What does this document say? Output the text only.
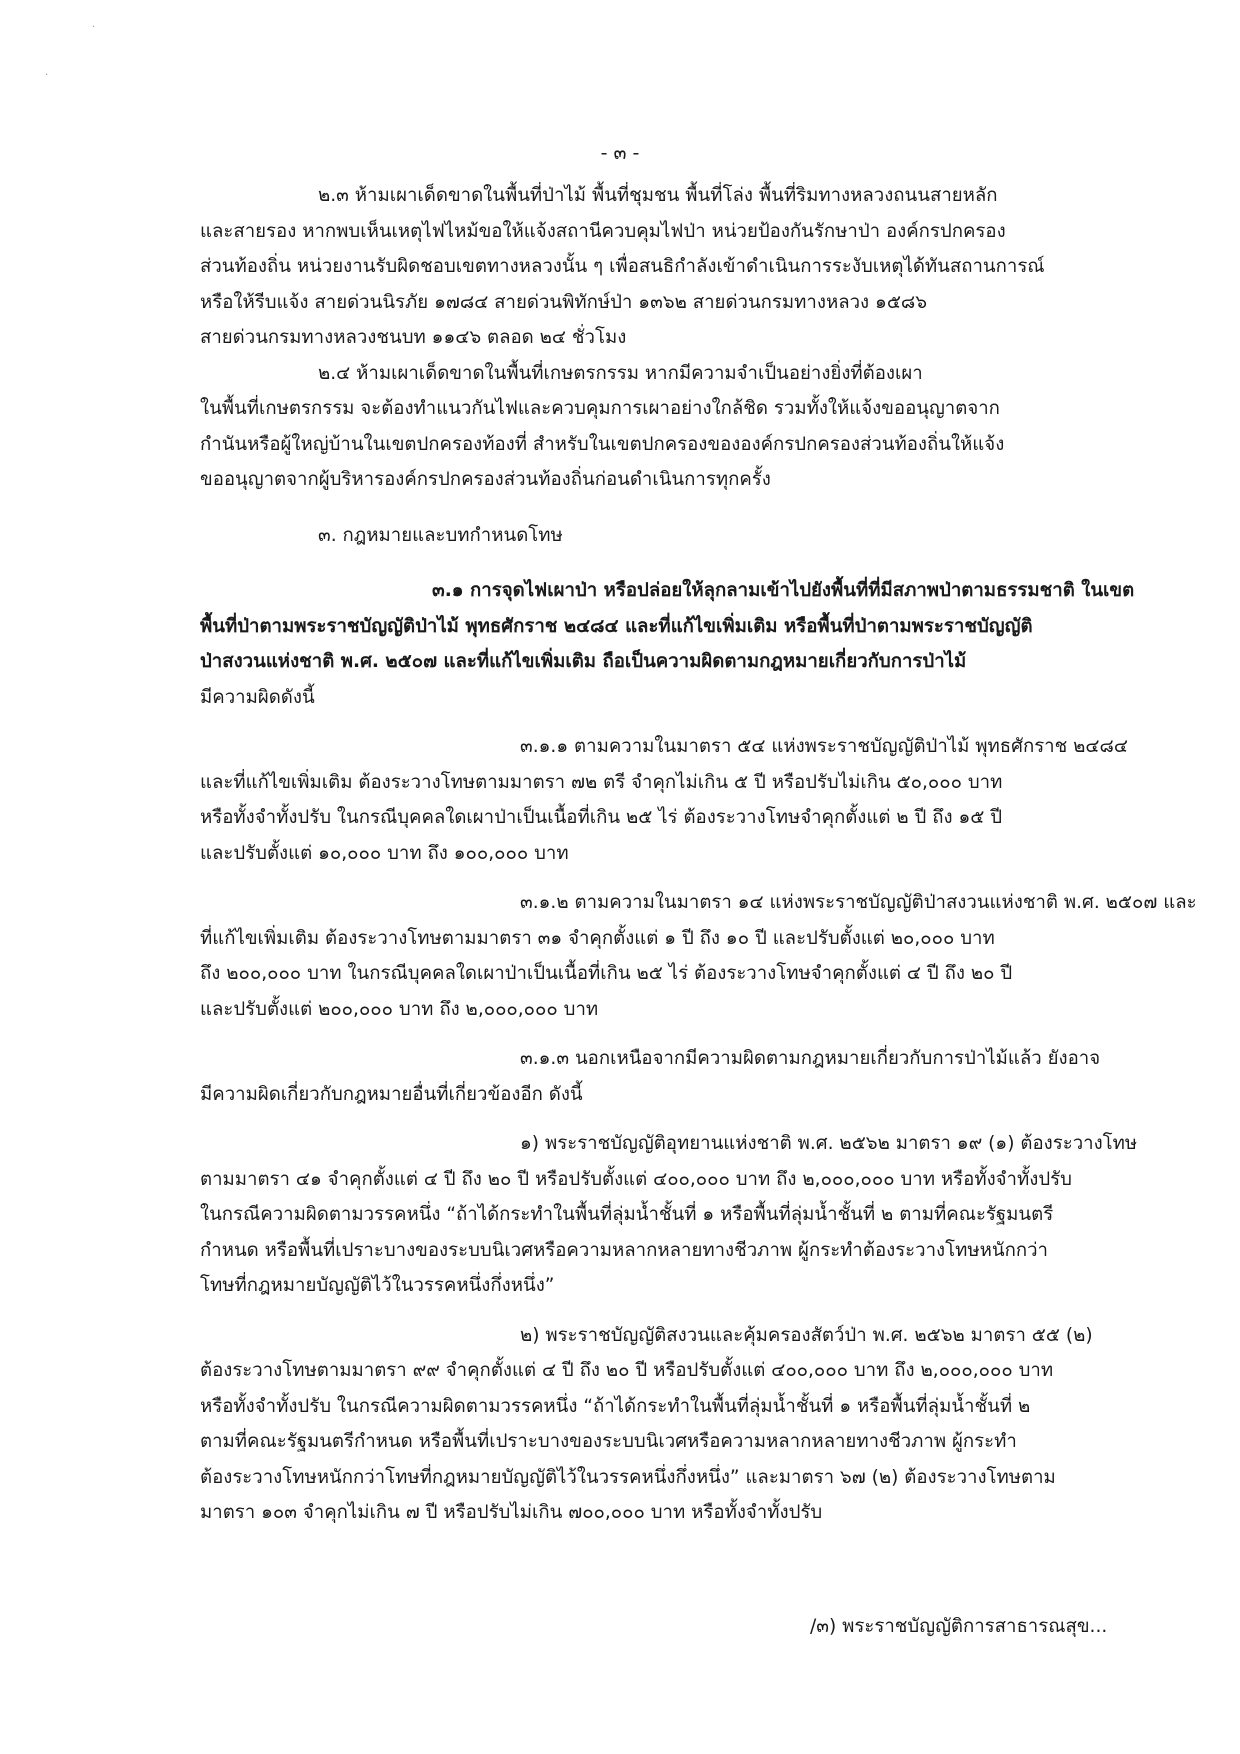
·
·
- ๓ -
๒.๓ ห้ามเผาเด็ดขาดในพื้นที่ป่าไม้ พื้นที่ชุมชน พื้นที่โล่ง พื้นที่ริมทางหลวงถนนสายหลัก
และสายรอง หากพบเห็นเหตุไฟไหม้ขอให้แจ้งสถานีควบคุมไฟป่า หน่วยป้องกันรักษาป่า องค์กรปกครอง
ส่วนท้องถิ่น หน่วยงานรับผิดชอบเขตทางหลวงนั้น ๆ เพื่อสนธิกำลังเข้าดำเนินการระงับเหตุได้ทันสถานการณ์
หรือให้รีบแจ้ง สายด่วนนิรภัย ๑๗๘๔ สายด่วนพิทักษ์ป่า ๑๓๖๒ สายด่วนกรมทางหลวง ๑๕๘๖
สายด่วนกรมทางหลวงชนบท ๑๑๔๖ ตลอด ๒๔ ชั่วโมง
๒.๔ ห้ามเผาเด็ดขาดในพื้นที่เกษตรกรรม หากมีความจำเป็นอย่างยิ่งที่ต้องเผา
ในพื้นที่เกษตรกรรม จะต้องทำแนวกันไฟและควบคุมการเผาอย่างใกล้ชิด รวมทั้งให้แจ้งขออนุญาตจาก
กำนันหรือผู้ใหญ่บ้านในเขตปกครองท้องที่ สำหรับในเขตปกครองขององค์กรปกครองส่วนท้องถิ่นให้แจ้ง
ขออนุญาตจากผู้บริหารองค์กรปกครองส่วนท้องถิ่นก่อนดำเนินการทุกครั้ง
๓. กฎหมายและบทกำหนดโทษ
๓.๑ การจุดไฟเผาป่า หรือปล่อยให้ลุกลามเข้าไปยังพื้นที่ที่มีสภาพป่าตามธรรมชาติ ในเขต
พื้นที่ป่าตามพระราชบัญญัติป่าไม้ พุทธศักราช ๒๔๘๔ และที่แก้ไขเพิ่มเติม หรือพื้นที่ป่าตามพระราชบัญญัติ
ป่าสงวนแห่งชาติ พ.ศ. ๒๕๐๗ และที่แก้ไขเพิ่มเติม ถือเป็นความผิดตามกฎหมายเกี่ยวกับการป่าไม้
มีความผิดดังนี้
๓.๑.๑ ตามความในมาตรา ๕๔ แห่งพระราชบัญญัติป่าไม้ พุทธศักราช ๒๔๘๔
และที่แก้ไขเพิ่มเติม ต้องระวางโทษตามมาตรา ๗๒ ตรี จำคุกไม่เกิน ๕ ปี หรือปรับไม่เกิน ๕๐,๐๐๐ บาท
หรือทั้งจำทั้งปรับ ในกรณีบุคคลใดเผาป่าเป็นเนื้อที่เกิน ๒๕ ไร่ ต้องระวางโทษจำคุกตั้งแต่ ๒ ปี ถึง ๑๕ ปี
และปรับตั้งแต่ ๑๐,๐๐๐ บาท ถึง ๑๐๐,๐๐๐ บาท
๓.๑.๒ ตามความในมาตรา ๑๔ แห่งพระราชบัญญัติป่าสงวนแห่งชาติ พ.ศ. ๒๕๐๗ และ
ที่แก้ไขเพิ่มเติม ต้องระวางโทษตามมาตรา ๓๑ จำคุกตั้งแต่ ๑ ปี ถึง ๑๐ ปี และปรับตั้งแต่ ๒๐,๐๐๐ บาท
ถึง ๒๐๐,๐๐๐ บาท ในกรณีบุคคลใดเผาป่าเป็นเนื้อที่เกิน ๒๕ ไร่ ต้องระวางโทษจำคุกตั้งแต่ ๔ ปี ถึง ๒๐ ปี
และปรับตั้งแต่ ๒๐๐,๐๐๐ บาท ถึง ๒,๐๐๐,๐๐๐ บาท
๓.๑.๓ นอกเหนือจากมีความผิดตามกฎหมายเกี่ยวกับการป่าไม้แล้ว ยังอาจ
มีความผิดเกี่ยวกับกฎหมายอื่นที่เกี่ยวข้องอีก ดังนี้
๑) พระราชบัญญัติอุทยานแห่งชาติ พ.ศ. ๒๕๖๒ มาตรา ๑๙ (๑) ต้องระวางโทษ
ตามมาตรา ๔๑ จำคุกตั้งแต่ ๔ ปี ถึง ๒๐ ปี หรือปรับตั้งแต่ ๔๐๐,๐๐๐ บาท ถึง ๒,๐๐๐,๐๐๐ บาท หรือทั้งจำทั้งปรับ
ในกรณีความผิดตามวรรคหนึ่ง “ถ้าได้กระทำในพื้นที่ลุ่มน้ำชั้นที่ ๑ หรือพื้นที่ลุ่มน้ำชั้นที่ ๒ ตามที่คณะรัฐมนตรี
กำหนด หรือพื้นที่เปราะบางของระบบนิเวศหรือความหลากหลายทางชีวภาพ ผู้กระทำต้องระวางโทษหนักกว่า
โทษที่กฎหมายบัญญัติไว้ในวรรคหนึ่งกึ่งหนึ่ง”
๒) พระราชบัญญัติสงวนและคุ้มครองสัตว์ป่า พ.ศ. ๒๕๖๒ มาตรา ๕๕ (๒)
ต้องระวางโทษตามมาตรา ๙๙ จำคุกตั้งแต่ ๔ ปี ถึง ๒๐ ปี หรือปรับตั้งแต่ ๔๐๐,๐๐๐ บาท ถึง ๒,๐๐๐,๐๐๐ บาท
หรือทั้งจำทั้งปรับ ในกรณีความผิดตามวรรคหนึ่ง “ถ้าได้กระทำในพื้นที่ลุ่มน้ำชั้นที่ ๑ หรือพื้นที่ลุ่มน้ำชั้นที่ ๒
ตามที่คณะรัฐมนตรีกำหนด หรือพื้นที่เปราะบางของระบบนิเวศหรือความหลากหลายทางชีวภาพ ผู้กระทำ
ต้องระวางโทษหนักกว่าโทษที่กฎหมายบัญญัติไว้ในวรรคหนึ่งกึ่งหนึ่ง” และมาตรา ๖๗ (๒) ต้องระวางโทษตาม
มาตรา ๑๐๓ จำคุกไม่เกิน ๗ ปี หรือปรับไม่เกิน ๗๐๐,๐๐๐ บาท หรือทั้งจำทั้งปรับ
/๓) พระราชบัญญัติการสาธารณสุข...
